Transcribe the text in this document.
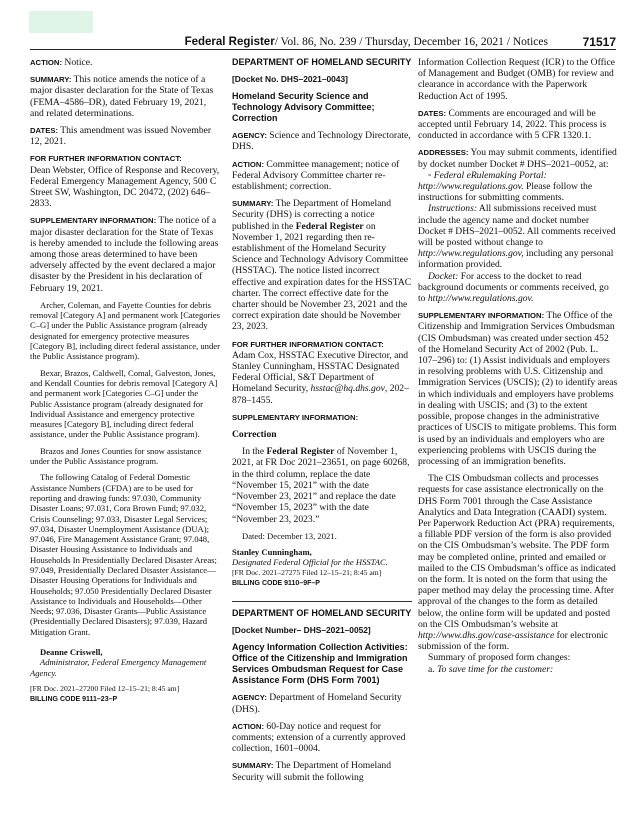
Federal Register/ Vol. 86, No. 239 / Thursday, December 16, 2021 / Notices	71517

ACTION: Notice.

SUMMARY: This notice amends the notice of a major disaster declaration for the State of Texas (FEMA–4586–DR), dated February 19, 2021, and related determinations.

DATES: This amendment was issued November 12, 2021.

FOR FURTHER INFORMATION CONTACT:

Dean Webster, Office of Response and Recovery, Federal Emergency Management Agency, 500 C Street SW, Washington, DC 20472, (202) 646–2833.

SUPPLEMENTARY INFORMATION: The notice of a major disaster declaration for the State of Texas is hereby amended to include the following areas among those areas determined to have been adversely affected by the event declared a major disaster by the President in his declaration of February 19, 2021.

Archer, Coleman, and Fayette Counties for debris removal [Category A] and permanent work [Categories C–G] under the Public Assistance program (already designated for emergency protective measures [Category B], including direct federal assistance, under the Public Assistance program).

Bexar, Brazos, Caldwell, Comal, Galveston, Jones, and Kendall Counties for debris removal [Category A] and permanent work [Categories C–G] under the Public Assistance program (already designated for Individual Assistance and emergency protective measures [Category B], including direct federal assistance, under the Public Assistance program).

Brazos and Jones Counties for snow assistance under the Public Assistance program.

The following Catalog of Federal Domestic Assistance Numbers (CFDA) are to be used for reporting and drawing funds: 97.030, Community Disaster Loans; 97.031, Cora Brown Fund; 97.032, Crisis Counseling; 97.033, Disaster Legal Services; 97.034, Disaster Unemployment Assistance (DUA); 97.046, Fire Management Assistance Grant; 97.048, Disaster Housing Assistance to Individuals and Households In Presidentially Declared Disaster Areas; 97.049, Presidentially Declared Disaster Assistance— Disaster Housing Operations for Individuals and Households; 97.050 Presidentially Declared Disaster Assistance to Individuals and Households—Other Needs; 97.036, Disaster Grants—Public Assistance (Presidentially Declared Disasters); 97.039, Hazard Mitigation Grant.

Deanne Criswell,

Administrator, Federal Emergency Management Agency.

[FR Doc. 2021–27200 Filed 12–15–21; 8:45 am]

BILLING CODE 9111–23–P

DEPARTMENT OF HOMELAND SECURITY

[Docket No. DHS–2021–0043]

Homeland Security Science and Technology Advisory Committee; Correction

AGENCY: Science and Technology Directorate, DHS.

ACTION: Committee management; notice of Federal Advisory Committee charter re-establishment; correction.

SUMMARY: The Department of Homeland Security (DHS) is correcting a notice published in the Federal Register on November 1, 2021 regarding then re-establishment of the Homeland Security Science and Technology Advisory Committee (HSSTAC). The notice listed incorrect effective and expiration dates for the HSSTAC charter. The correct effective date for the charter should be November 23, 2021 and the correct expiration date should be November 23, 2023.

FOR FURTHER INFORMATION CONTACT:

Adam Cox, HSSTAC Executive Director, and Stanley Cunningham, HSSTAC Designated Federal Official, S&T Department of Homeland Security, hsstac@hq.dhs.gov, 202–878–1455.

SUPPLEMENTARY INFORMATION:

Correction

In the Federal Register of November 1, 2021, at FR Doc 2021–23651, on page 60268, in the third column, replace the date “November 15, 2021” with the date “November 23, 2021” and replace the date “November 15, 2023” with the date “November 23, 2023.”

Dated: December 13, 2021.

Stanley Cunningham,

Designated Federal Official for the HSSTAC.

[FR Doc. 2021–27275 Filed 12–15–21; 8:45 am]

BILLING CODE 9110–9F–P

DEPARTMENT OF HOMELAND SECURITY

[Docket Number– DHS–2021–0052]

Agency Information Collection Activities: Office of the Citizenship and Immigration Services Ombudsman Request for Case Assistance Form (DHS Form 7001)

AGENCY: Department of Homeland Security (DHS).

ACTION: 60-Day notice and request for comments; extension of a currently approved collection, 1601–0004.

SUMMARY: The Department of Homeland Security will submit the following

Information Collection Request (ICR) to the Office of Management and Budget (OMB) for review and clearance in accordance with the Paperwork Reduction Act of 1995.

DATES: Comments are encouraged and will be accepted until February 14, 2022. This process is conducted in accordance with 5 CFR 1320.1.

ADDRESSES: You may submit comments, identified by docket number Docket # DHS–2021–0052, at:

◦ Federal eRulemaking Portal: http://www.regulations.gov. Please follow the instructions for submitting comments.

Instructions: All submissions received must include the agency name and docket number Docket # DHS–2021–0052. All comments received will be posted without change to http://www.regulations.gov, including any personal information provided.

Docket: For access to the docket to read background documents or comments received, go to http://www.regulations.gov.

SUPPLEMENTARY INFORMATION: The Office of the Citizenship and Immigration Services Ombudsman (CIS Ombudsman) was created under section 452 of the Homeland Security Act of 2002 (Pub. L. 107–296) to: (1) Assist individuals and employers in resolving problems with U.S. Citizenship and Immigration Services (USCIS); (2) to identify areas in which individuals and employers have problems in dealing with USCIS; and (3) to the extent possible, propose changes in the administrative practices of USCIS to mitigate problems. This form is used by an individuals and employers who are experiencing problems with USCIS during the processing of an immigration benefits.

The CIS Ombudsman collects and processes requests for case assistance electronically on the DHS Form 7001 through the Case Assistance Analytics and Data Integration (CAADI) system. Per Paperwork Reduction Act (PRA) requirements, a fillable PDF version of the form is also provided on the CIS Ombudsman’s website. The PDF form may be completed online, printed and emailed or mailed to the CIS Ombudsman’s office as indicated on the form. It is noted on the form that using the paper method may delay the processing time. After approval of the changes to the form as detailed below, the online form will be updated and posted on the CIS Ombudsman’s website at http://www.dhs.gov/case-assistance for electronic submission of the form.

Summary of proposed form changes:

a. To save time for the customer:
